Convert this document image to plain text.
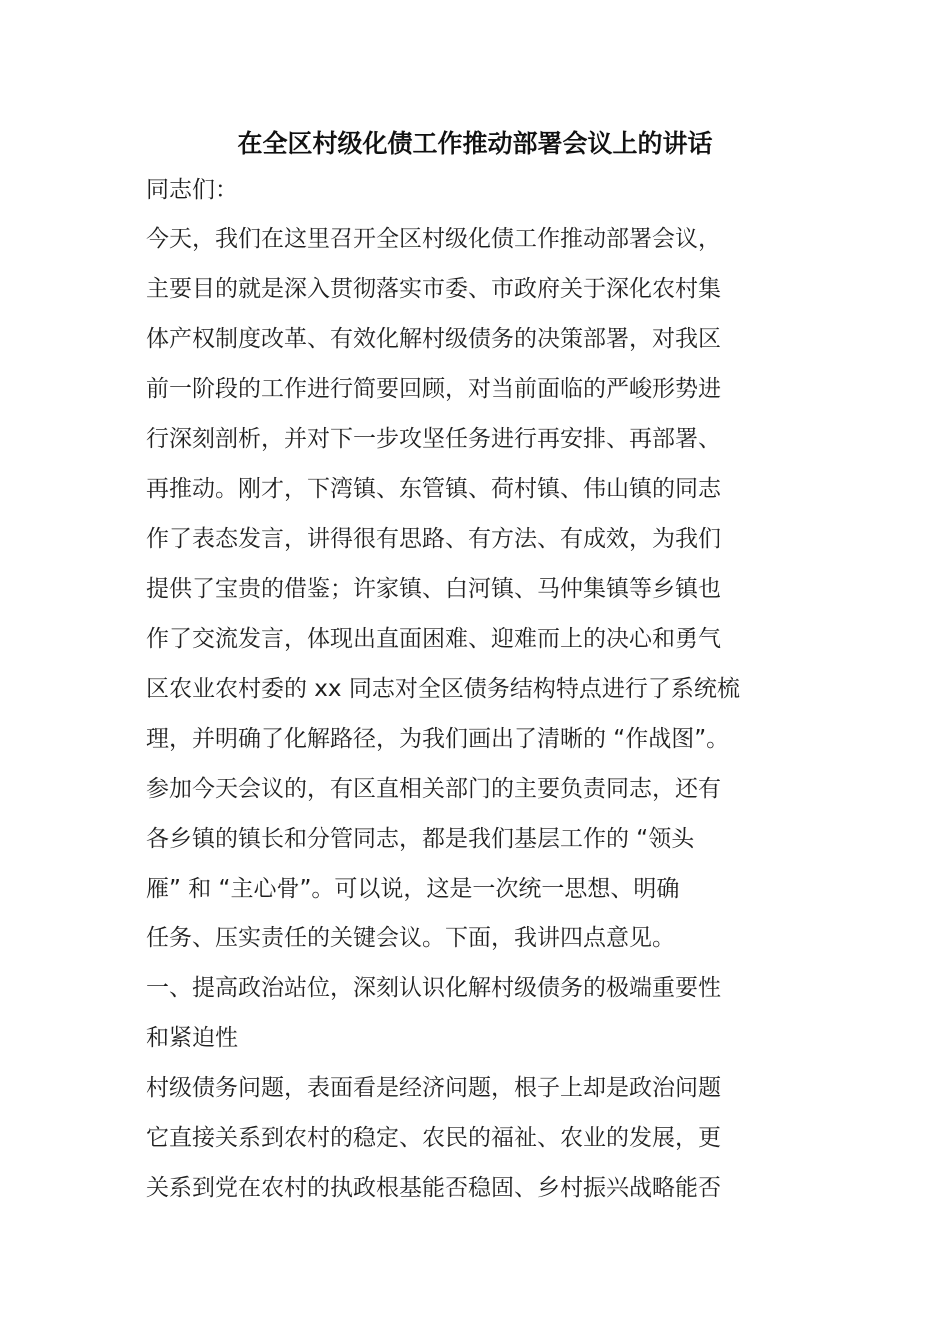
在全区村级化债工作推动部署会议上的讲话

同志们：

今天，我们在这里召开全区村级化债工作推动部署会议，

主要目的就是深入贯彻落实市委、市政府关于深化农村集

体产权制度改革、有效化解村级债务的决策部署，对我区

前一阶段的工作进行简要回顾，对当前面临的严峻形势进

行深刻剖析，并对下一步攻坚任务进行再安排、再部署、

再推动。刚才，下湾镇、东管镇、荷村镇、伟山镇的同志

作了表态发言，讲得很有思路、有方法、有成效，为我们

提供了宝贵的借鉴；许家镇、白河镇、马仲集镇等乡镇也

作了交流发言，体现出直面困难、迎难而上的决心和勇气

区农业农村委的 xx 同志对全区债务结构特点进行了系统梳

理，并明确了化解路径，为我们画出了清晰的 “作战图”。

参加今天会议的，有区直相关部门的主要负责同志，还有

各乡镇的镇长和分管同志，都是我们基层工作的 “领头

雁” 和 “主心骨”。可以说，这是一次统一思想、明确

任务、压实责任的关键会议。下面，我讲四点意见。

一、提高政治站位，深刻认识化解村级债务的极端重要性

和紧迫性

村级债务问题，表面看是经济问题，根子上却是政治问题

它直接关系到农村的稳定、农民的福祉、农业的发展，更

关系到党在农村的执政根基能否稳固、乡村振兴战略能否
